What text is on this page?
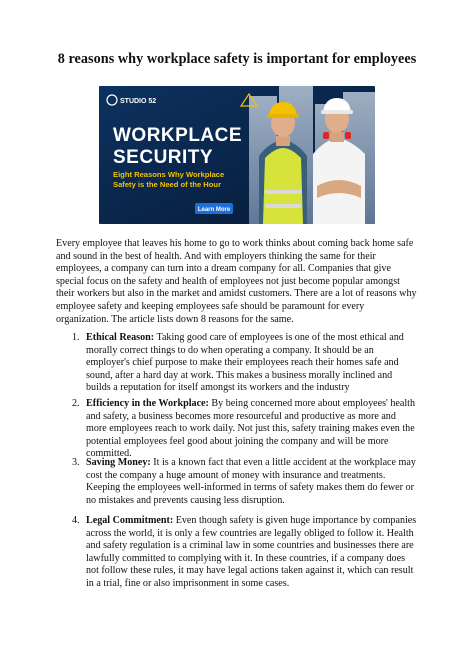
8 reasons why workplace safety is important for employees
STUDIO 52
WORKPLACE
SECURITY
Eight Reasons Why Workplace
Safety is the Need of the Hour
Learn More

Every employee that leaves his home to go to work thinks about coming back home safe and sound in the best of health. And with employers thinking the same for their employees, a company can turn into a dream company for all. Companies that give special focus on the safety and health of employees not just become popular amongst their workers but also in the market and amidst customers. There are a lot of reasons why employee safety and keeping employees safe should be paramount for every organization. The article lists down 8 reasons for the same.

1. Ethical Reason: Taking good care of employees is one of the most ethical and morally correct things to do when operating a company. It should be an employer's chief purpose to make their employees reach their homes safe and sound, after a hard day at work. This makes a business morally inclined and builds a reputation for itself amongst its workers and the industry

2. Efficiency in the Workplace: By being concerned more about employees' health and safety, a business becomes more resourceful and productive as more and more employees reach to work daily. Not just this, safety training makes even the potential employees feel good about joining the company and will be more committed.

3. Saving Money: It is a known fact that even a little accident at the workplace may cost the company a huge amount of money with insurance and treatments. Keeping the employees well-informed in terms of safety makes them do fewer or no mistakes and prevents causing less disruption.

4. Legal Commitment: Even though safety is given huge importance by companies across the world, it is only a few countries are legally obliged to follow it. Health and safety regulation is a criminal law in some countries and businesses there are lawfully committed to complying with it. In these countries, if a company does not follow these rules, it may have legal actions taken against it, which can result in a trial, fine or also imprisonment in some cases.
